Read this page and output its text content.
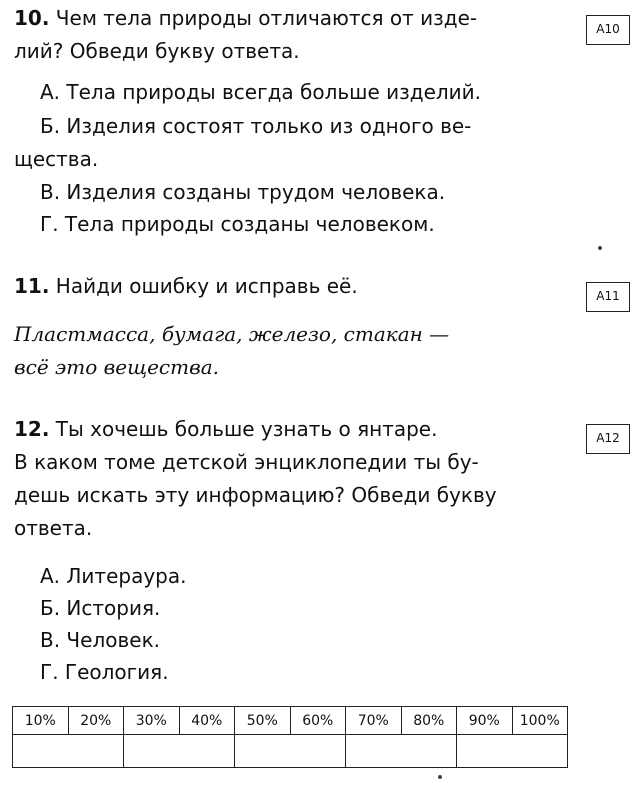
10. Чем тела природы отличаются от изде-
лий? Обведи букву ответа.
А10
А. Тела природы всегда больше изделий.
Б. Изделия состоят только из одного ве-
щества.
В. Изделия созданы трудом человека.
Г. Тела природы созданы человеком.
11. Найди ошибку и исправь её.	А11
Пластмасса, бумага, железо, стакан —
всё это вещества.
12. Ты хочешь больше узнать о янтаре.
В каком томе детской энциклопедии ты бу-
дешь искать эту информацию? Обведи букву
ответа.
А12
А. Литераура.
Б. История.
В. Человек.
Г. Геология.
10%	20%	30%	40%	50%	60%	70%	80%	90%	100%
